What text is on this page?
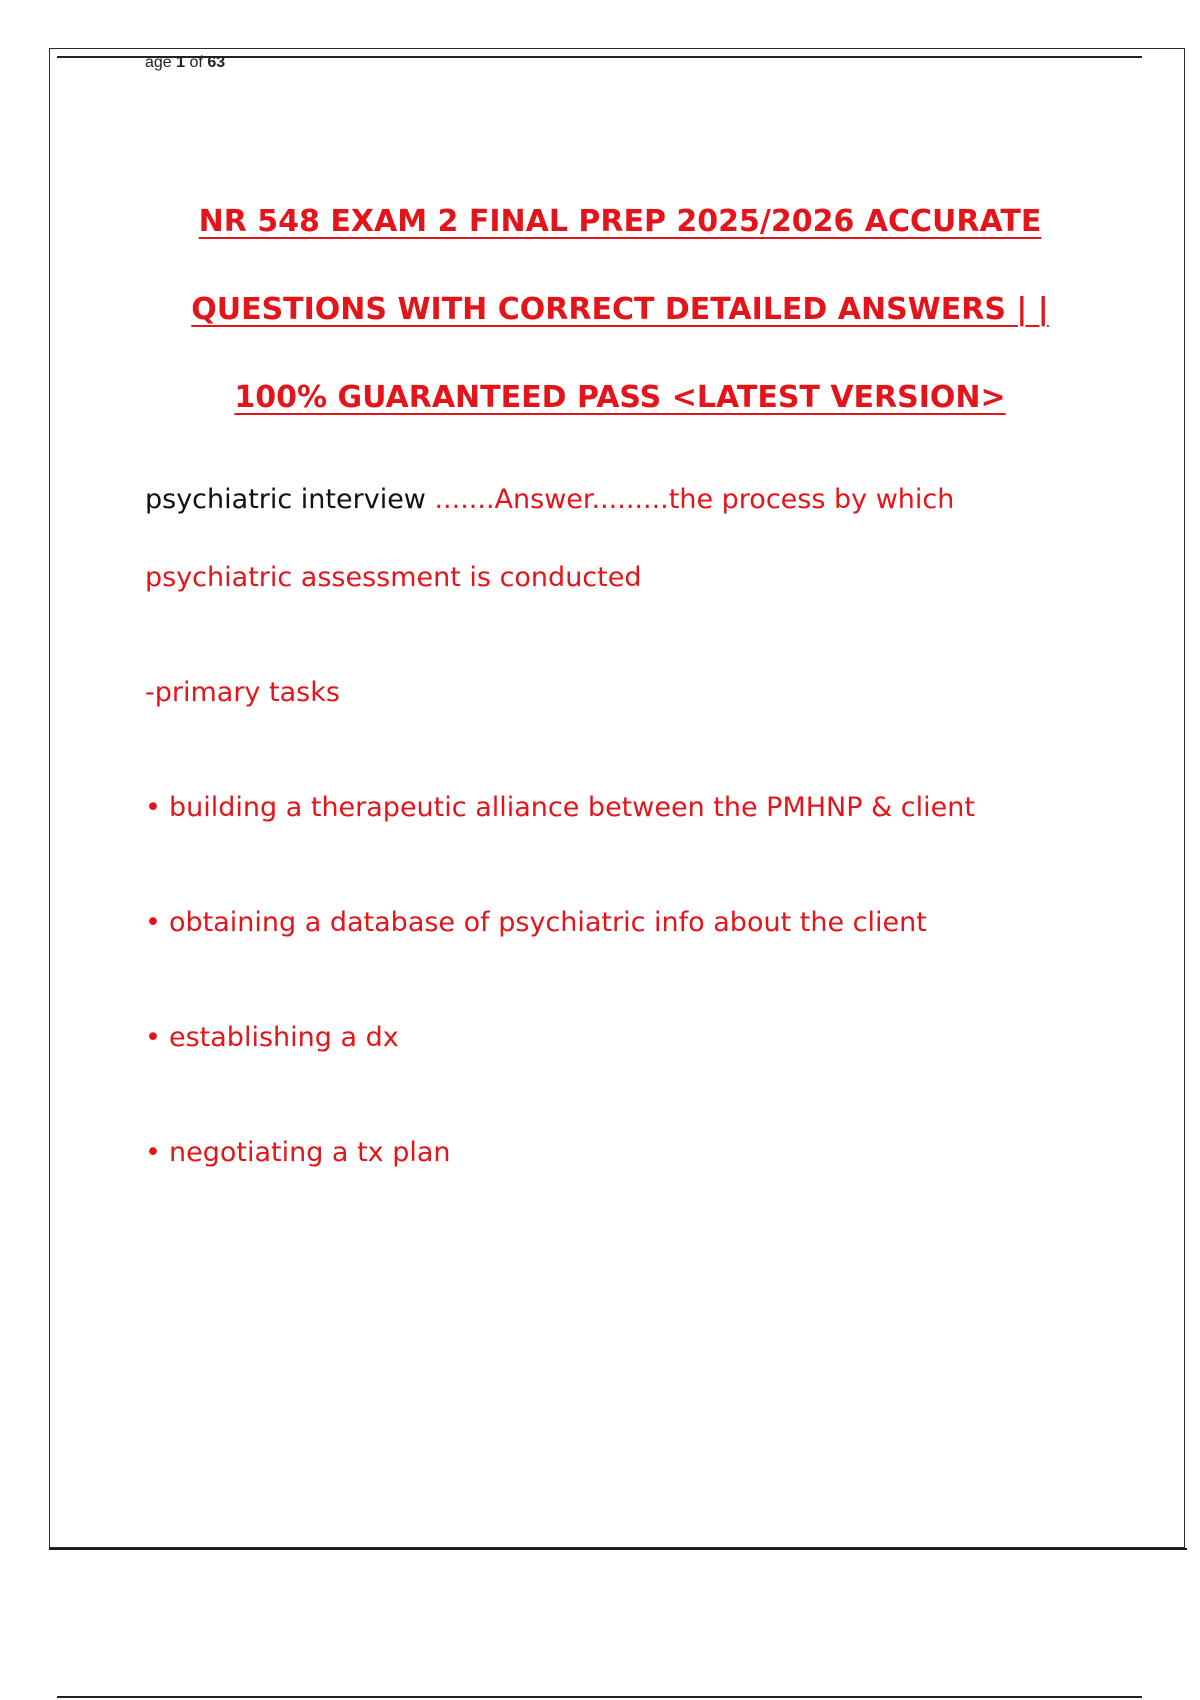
age 1 of 63
NR 548 EXAM 2 FINAL PREP 2025/2026 ACCURATE
QUESTIONS WITH CORRECT DETAILED ANSWERS | |
100% GUARANTEED PASS <LATEST VERSION>
psychiatric interview .......Answer.........the process by which
psychiatric assessment is conducted
-primary tasks
• building a therapeutic alliance between the PMHNP & client
• obtaining a database of psychiatric info about the client
• establishing a dx
• negotiating a tx plan
